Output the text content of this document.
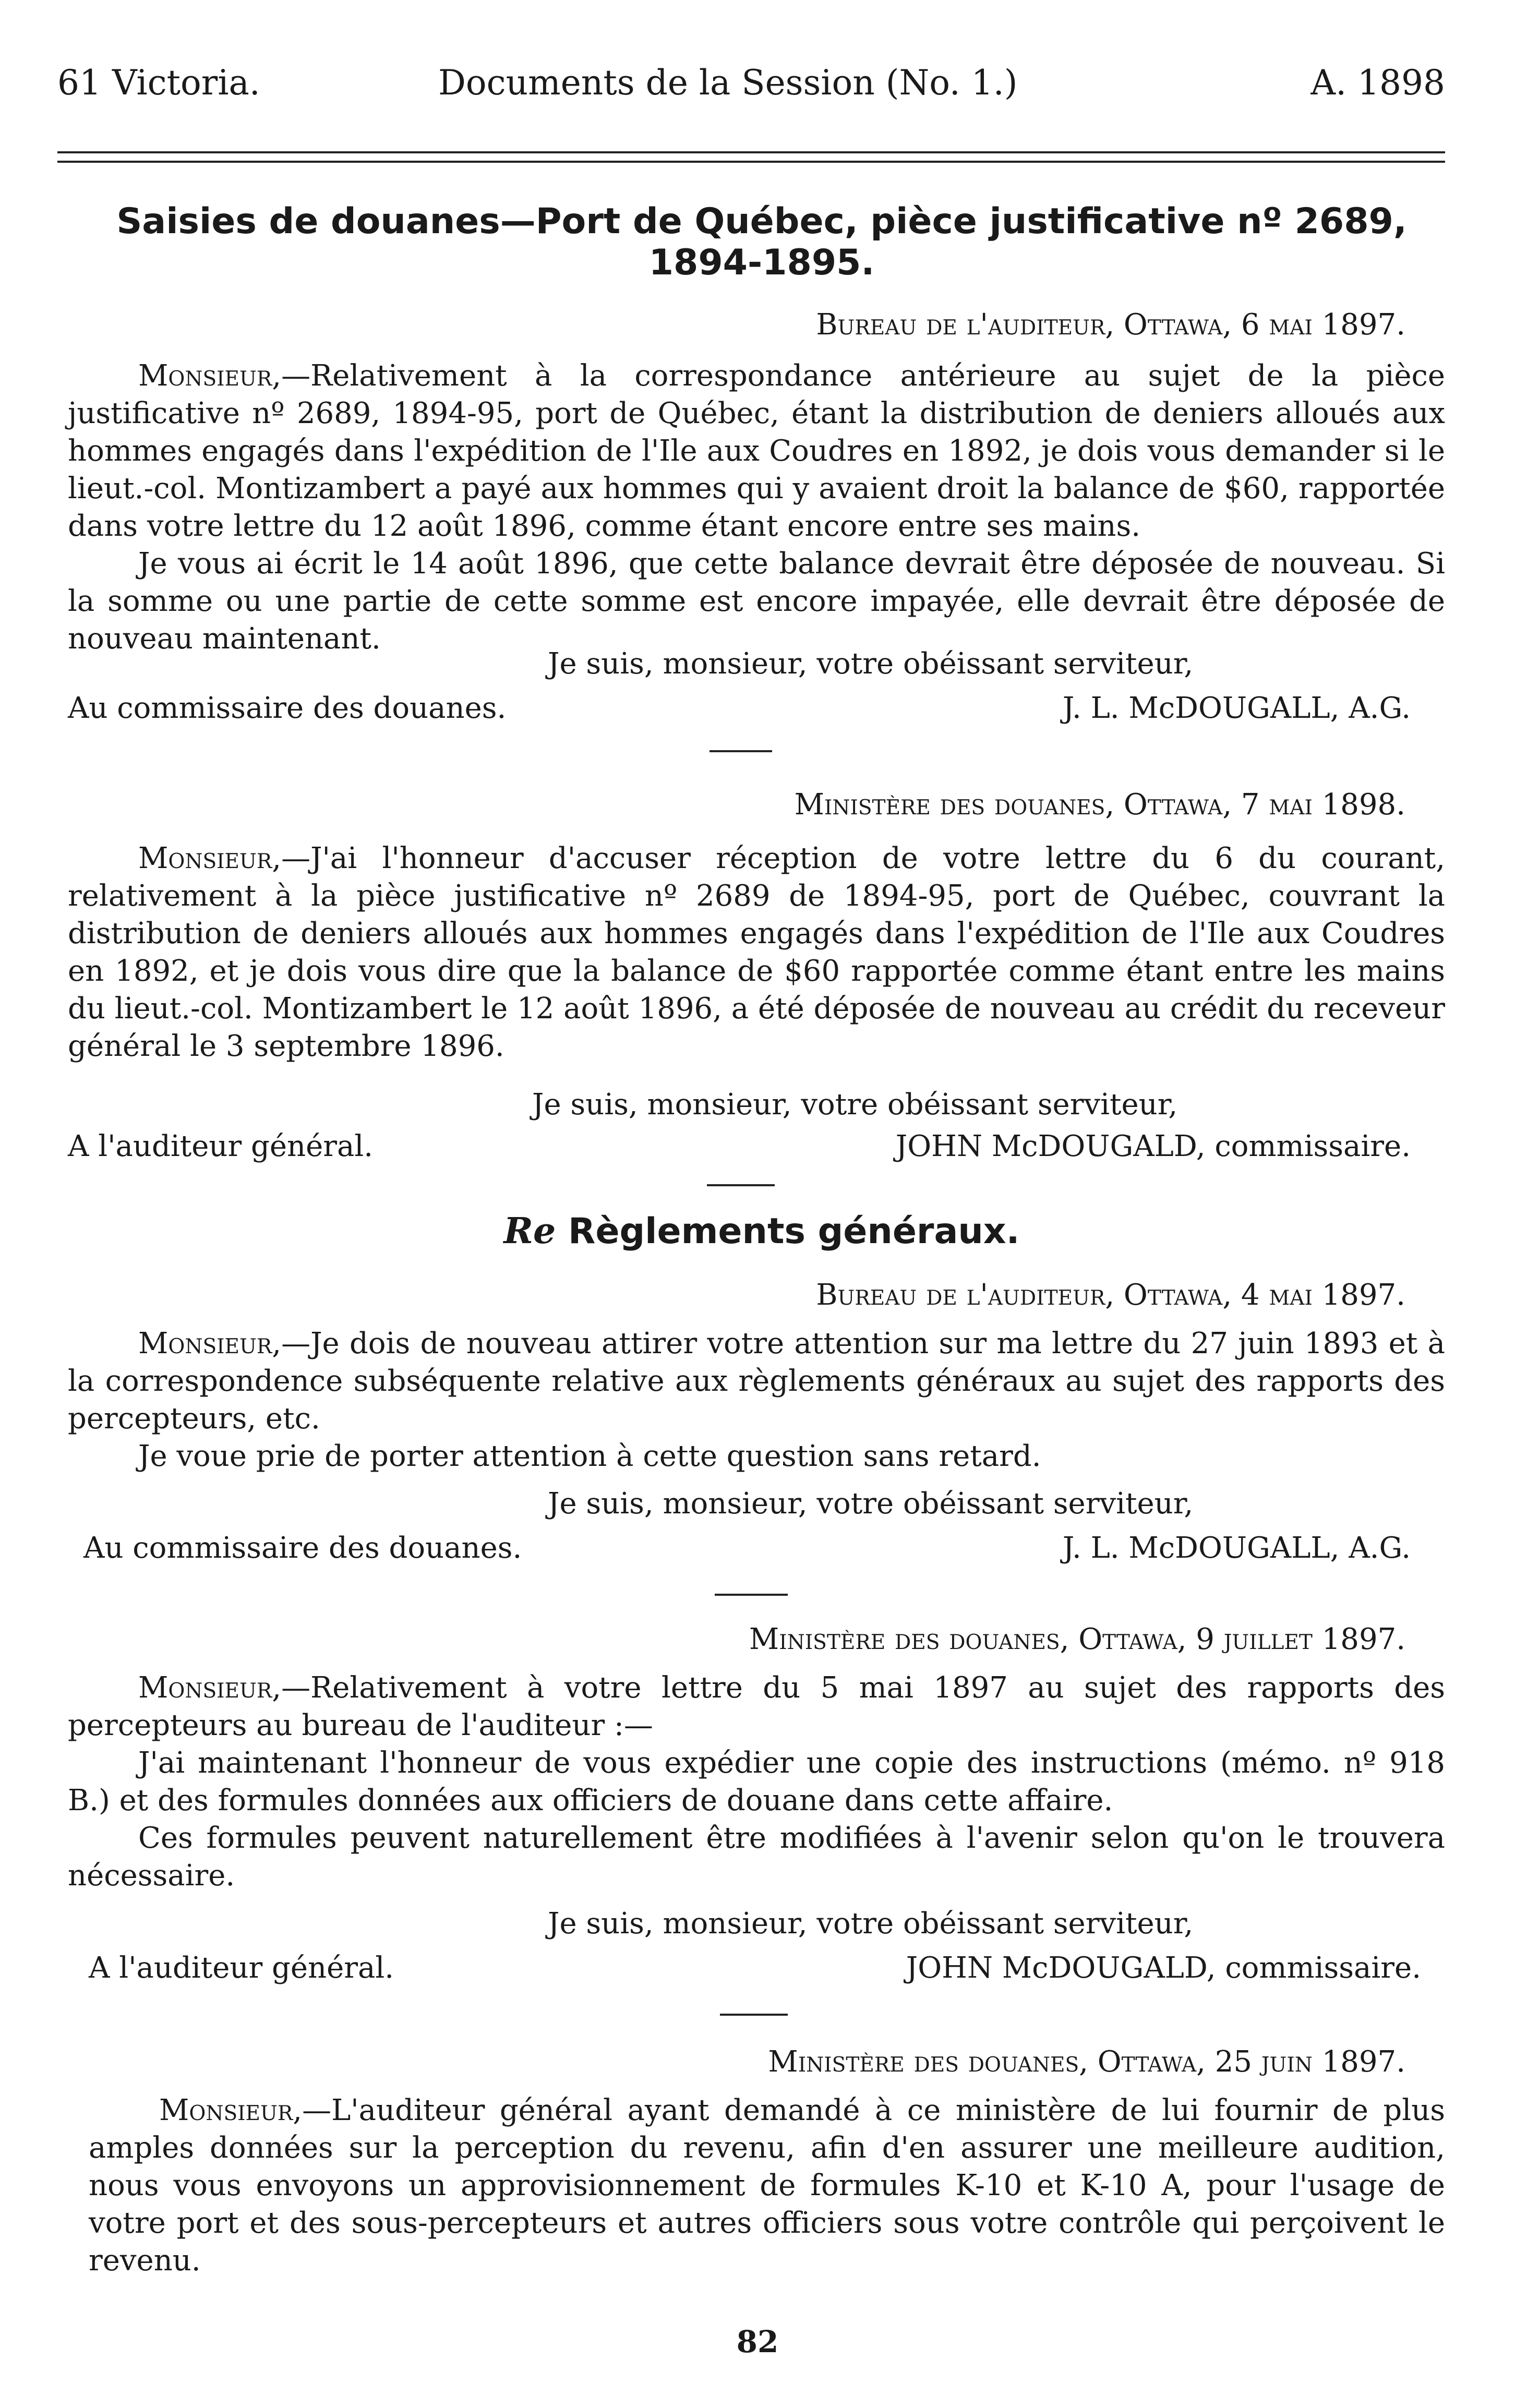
61 Victoria.	Documents de la Session (No. 1.)	A. 1898
Saisies de douanes—Port de Québec, pièce justificative nº 2689,
1894-1895.
Bureau de l'auditeur, Ottawa, 6 mai 1897.
Monsieur,—Relativement à la correspondance antérieure au sujet de la pièce justificative nº 2689, 1894-95, port de Québec, étant la distribution de deniers alloués aux hommes engagés dans l'expédition de l'Ile aux Coudres en 1892, je dois vous demander si le lieut.-col. Montizambert a payé aux hommes qui y avaient droit la balance de $60, rapportée dans votre lettre du 12 août 1896, comme étant encore entre ses mains.
Je vous ai écrit le 14 août 1896, que cette balance devrait être déposée de nouveau. Si la somme ou une partie de cette somme est encore impayée, elle devrait être déposée de nouveau maintenant.
Je suis, monsieur, votre obéissant serviteur,
Au commissaire des douanes.	J. L. McDOUGALL, A.G.
Ministère des douanes, Ottawa, 7 mai 1898.
Monsieur,—J'ai l'honneur d'accuser réception de votre lettre du 6 du courant, relativement à la pièce justificative nº 2689 de 1894-95, port de Québec, couvrant la distribution de deniers alloués aux hommes engagés dans l'expédition de l'Ile aux Coudres en 1892, et je dois vous dire que la balance de $60 rapportée comme étant entre les mains du lieut.-col. Montizambert le 12 août 1896, a été déposée de nouveau au crédit du receveur général le 3 septembre 1896.
Je suis, monsieur, votre obéissant serviteur,
A l'auditeur général.	JOHN McDOUGALD, commissaire.
Re Règlements généraux.
Bureau de l'auditeur, Ottawa, 4 mai 1897.
Monsieur,—Je dois de nouveau attirer votre attention sur ma lettre du 27 juin 1893 et à la correspondence subséquente relative aux règlements généraux au sujet des rapports des percepteurs, etc.
Je voue prie de porter attention à cette question sans retard.
Je suis, monsieur, votre obéissant serviteur,
Au commissaire des douanes.	J. L. McDOUGALL, A.G.
Ministère des douanes, Ottawa, 9 juillet 1897.
Monsieur,—Relativement à votre lettre du 5 mai 1897 au sujet des rapports des percepteurs au bureau de l'auditeur :—
J'ai maintenant l'honneur de vous expédier une copie des instructions (mémo. nº 918 B.) et des formules données aux officiers de douane dans cette affaire.
Ces formules peuvent naturellement être modifiées à l'avenir selon qu'on le trouvera nécessaire.
Je suis, monsieur, votre obéissant serviteur,
A l'auditeur général.	JOHN McDOUGALD, commissaire.
Ministère des douanes, Ottawa, 25 juin 1897.
Monsieur,—L'auditeur général ayant demandé à ce ministère de lui fournir de plus amples données sur la perception du revenu, afin d'en assurer une meilleure audition, nous vous envoyons un approvisionnement de formules K-10 et K-10 A, pour l'usage de votre port et des sous-percepteurs et autres officiers sous votre contrôle qui perçoivent le revenu.
82
